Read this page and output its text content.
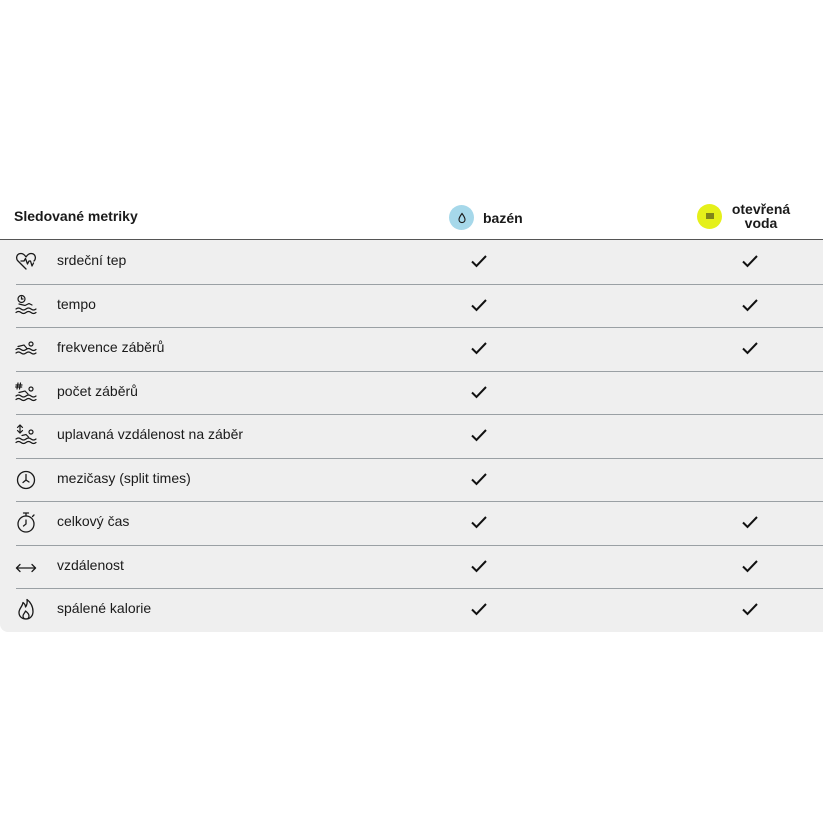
Sledované metriky	bazén
otevřená voda
srdeční tep
tempo
frekvence záběrů
počet záběrů
uplavaná vzdálenost na záběr
mezičasy (split times)
celkový čas
vzdálenost
spálené kalorie
